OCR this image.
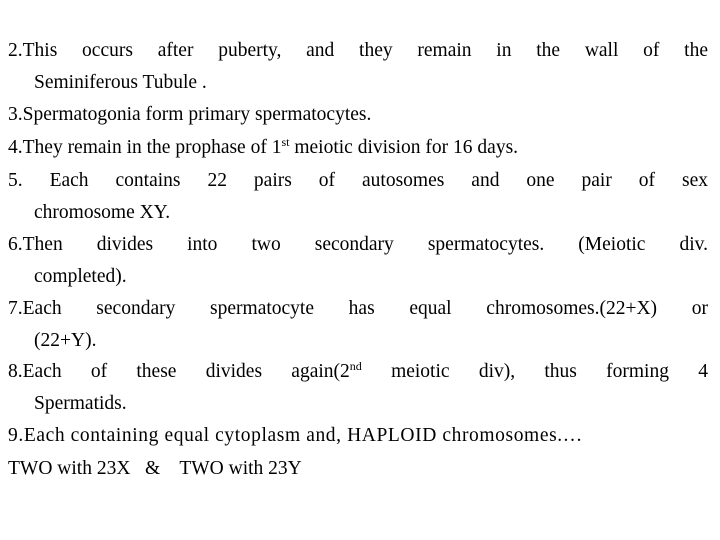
2.This occurs after puberty, and they remain in the wall of the
Seminiferous Tubule .
3.Spermatogonia form primary spermatocytes.
4.They remain in the prophase of 1st meiotic division for 16 days.
5. Each contains 22 pairs of autosomes and one pair of sex
chromosome XY.
6.Then divides into two secondary spermatocytes. (Meiotic div.
completed).
7.Each secondary spermatocyte has equal chromosomes.(22+X) or
(22+Y).
8.Each of these divides again(2nd meiotic div), thus forming 4
Spermatids.
9.Each containing equal cytoplasm and, HAPLOID chromosomes.…
TWO with 23X   &    TWO with 23Y
